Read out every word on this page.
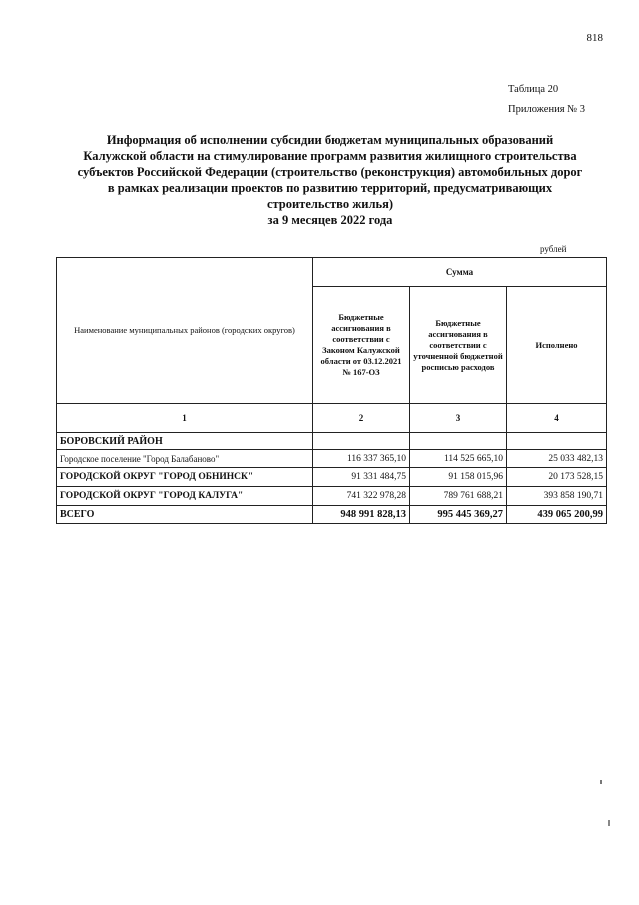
818
Таблица 20
Приложения № 3
Информация об исполнении субсидии бюджетам муниципальных образований
Калужской области на стимулирование программ развития жилищного строительства
субъектов Российской Федерации (строительство (реконструкция) автомобильных дорог
в рамках реализации проектов по развитию территорий, предусматривающих
строительство жилья)
за 9 месяцев 2022 года
рублей
Наименование муниципальных районов (городских округов)	Сумма		
	Бюджетные ассигнования в соответствии с Законом Калужской области от 03.12.2021 № 167-ОЗ	Бюджетные ассигнования в соответствии с уточненной бюджетной росписью расходов	Исполнено
1	2	3	4
БОРОВСКИЙ РАЙОН			
Городское поселение "Город Балабаново"	116 337 365,10	114 525 665,10	25 033 482,13
ГОРОДСКОЙ ОКРУГ "ГОРОД ОБНИНСК"	91 331 484,75	91 158 015,96	20 173 528,15
ГОРОДСКОЙ ОКРУГ "ГОРОД КАЛУГА"	741 322 978,28	789 761 688,21	393 858 190,71
ВСЕГО	948 991 828,13	995 445 369,27	439 065 200,99
